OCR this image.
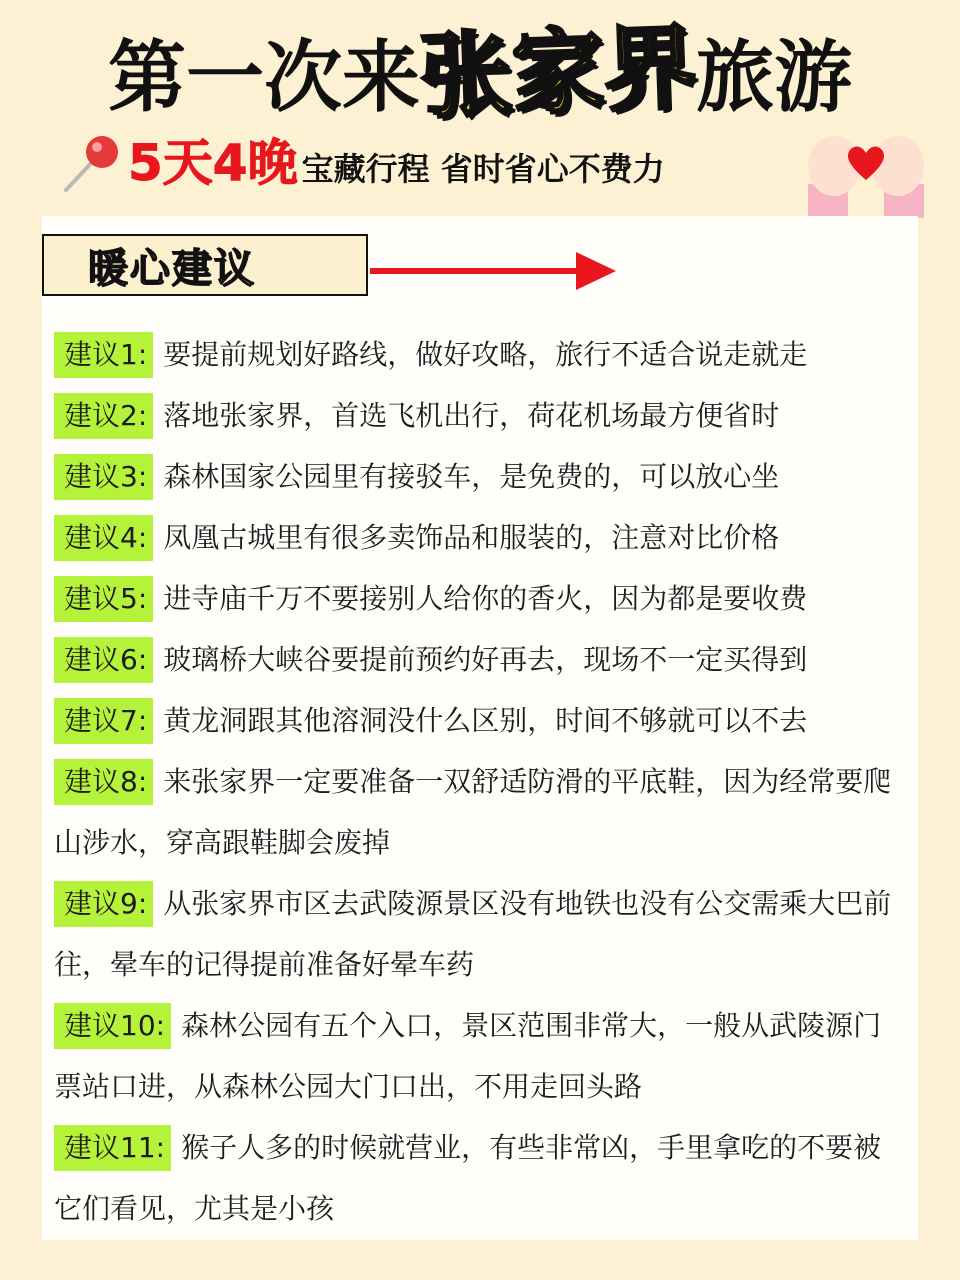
第一次来张家界旅游
5天4晚 宝藏行程 省时省心不费力
暖心建议
建议1: 要提前规划好路线，做好攻略，旅行不适合说走就走
建议2: 落地张家界，首选飞机出行，荷花机场最方便省时
建议3: 森林国家公园里有接驳车，是免费的，可以放心坐
建议4: 凤凰古城里有很多卖饰品和服装的，注意对比价格
建议5: 进寺庙千万不要接别人给你的香火，因为都是要收费
建议6: 玻璃桥大峡谷要提前预约好再去，现场不一定买得到
建议7: 黄龙洞跟其他溶洞没什么区别，时间不够就可以不去
建议8: 来张家界一定要准备一双舒适防滑的平底鞋，因为经常要爬山涉水，穿高跟鞋脚会废掉
建议9: 从张家界市区去武陵源景区没有地铁也没有公交需乘大巴前往，晕车的记得提前准备好晕车药
建议10: 森林公园有五个入口，景区范围非常大，一般从武陵源门票站口进，从森林公园大门口出，不用走回头路
建议11: 猴子人多的时候就营业，有些非常凶，手里拿吃的不要被它们看见，尤其是小孩
